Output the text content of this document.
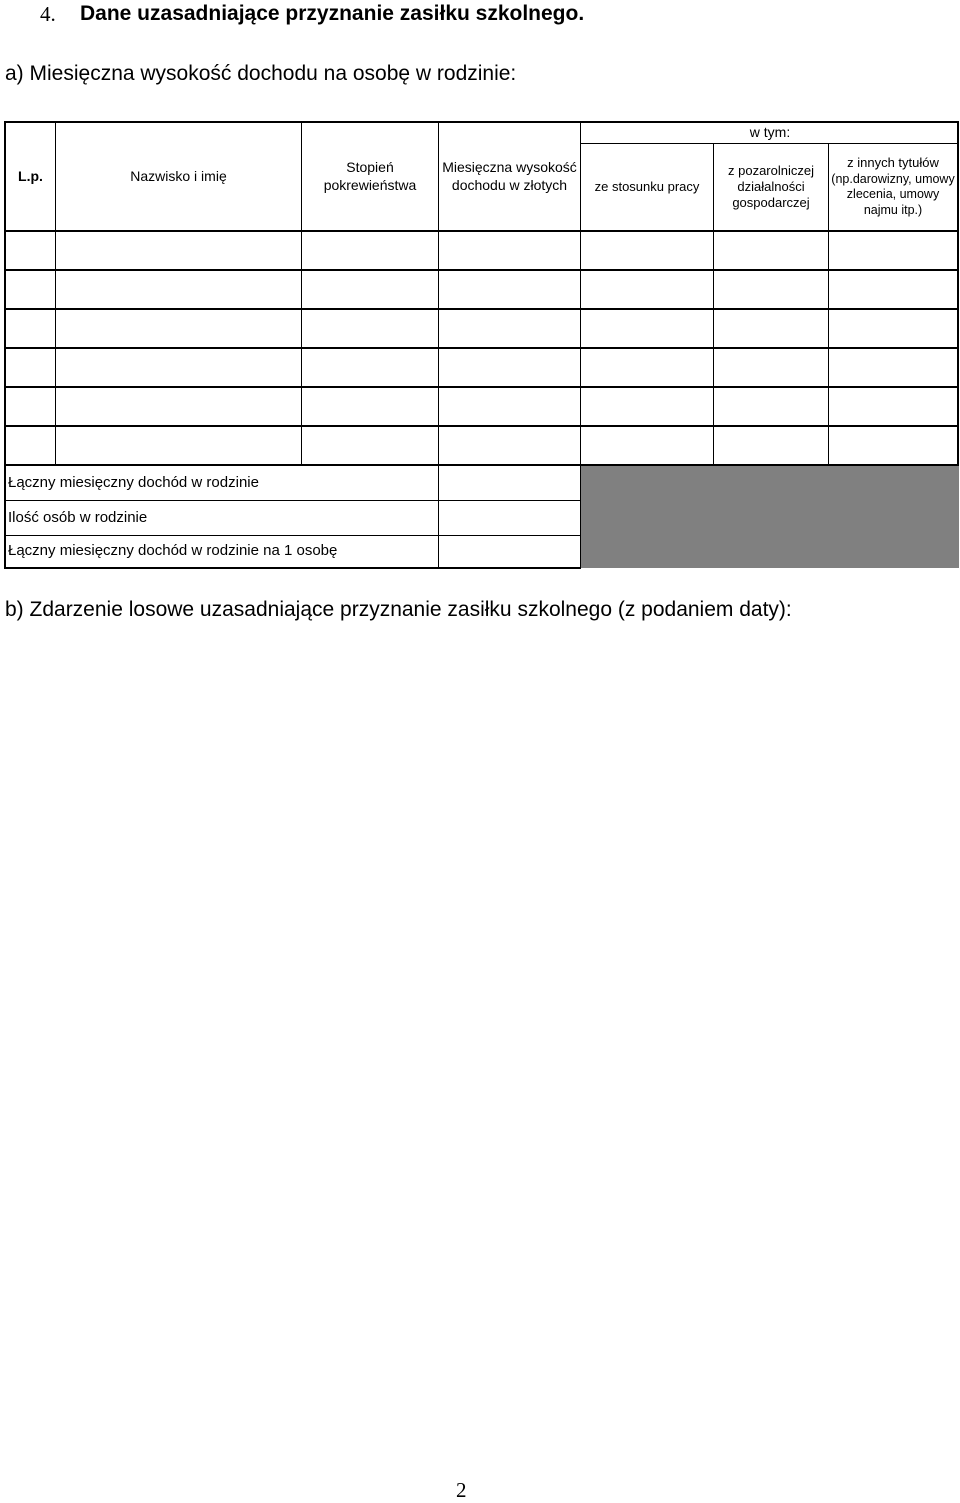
4. Dane uzasadniające przyznanie zasiłku szkolnego.
a) Miesięczna wysokość dochodu na osobę w rodzinie:
L.p.	Nazwisko i imię
Stopień pokrewieństwa
Miesięczna wysokość dochodu w złotych
w tym:
ze stosunku pracy
z pozarolniczej działalności gospodarczej
z innych tytułów
(np.darowizny, umowy zlecenia, umowy najmu itp.)
Łączny miesięczny dochód w rodzinie
Ilość osób w rodzinie
Łączny miesięczny dochód w rodzinie na 1 osobę
b) Zdarzenie losowe uzasadniające przyznanie zasiłku szkolnego (z podaniem daty):
2
